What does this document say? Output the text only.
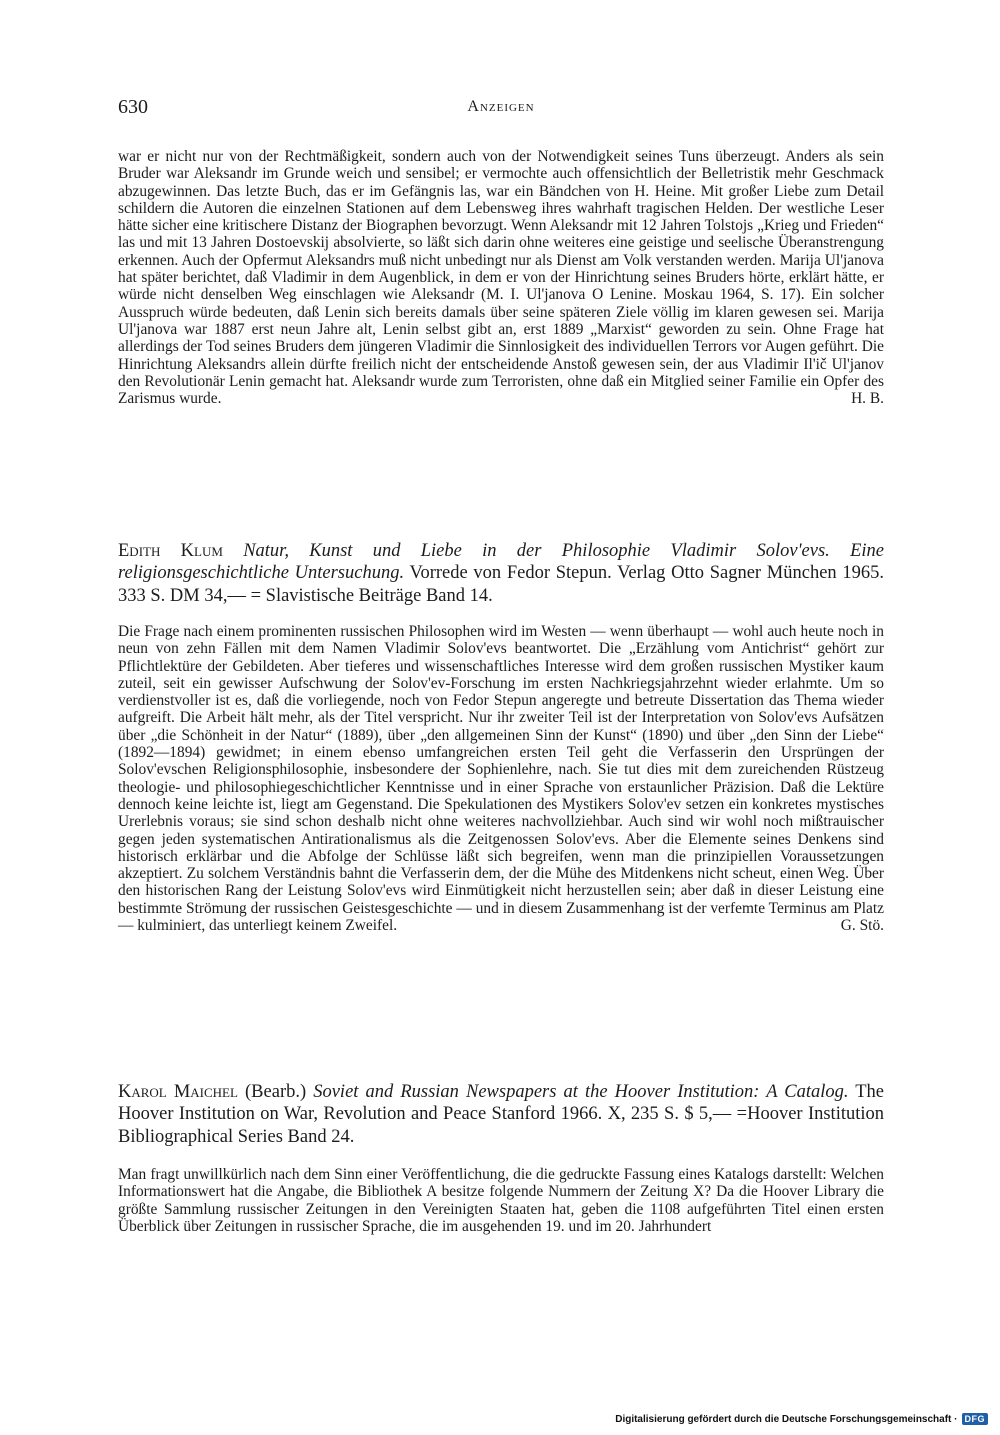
630	Anzeigen

war er nicht nur von der Rechtmäßigkeit, sondern auch von der Notwendigkeit seines Tuns überzeugt. Anders als sein Bruder war Aleksandr im Grunde weich und sensibel; er vermochte auch offensichtlich der Belletristik mehr Geschmack abzugewinnen. Das letzte Buch, das er im Gefängnis las, war ein Bändchen von H. Heine. Mit großer Liebe zum Detail schildern die Autoren die einzelnen Stationen auf dem Lebensweg ihres wahrhaft tragischen Helden. Der westliche Leser hätte sicher eine kritischere Distanz der Biographen bevorzugt. Wenn Aleksandr mit 12 Jahren Tolstojs „Krieg und Frieden“ las und mit 13 Jahren Dostoevskij absolvierte, so läßt sich darin ohne weiteres eine geistige und seelische Überanstrengung erkennen. Auch der Opfermut Aleksandrs muß nicht unbedingt nur als Dienst am Volk verstanden werden. Marija Ul'janova hat später berichtet, daß Vladimir in dem Augenblick, in dem er von der Hinrichtung seines Bruders hörte, erklärt hätte, er würde nicht denselben Weg einschlagen wie Aleksandr (M. I. Ul'janova O Lenine. Moskau 1964, S. 17). Ein solcher Ausspruch würde bedeuten, daß Lenin sich bereits damals über seine späteren Ziele völlig im klaren gewesen sei. Marija Ul'janova war 1887 erst neun Jahre alt, Lenin selbst gibt an, erst 1889 „Marxist“ geworden zu sein. Ohne Frage hat allerdings der Tod seines Bruders dem jüngeren Vladimir die Sinnlosigkeit des individuellen Terrors vor Augen geführt. Die Hinrichtung Aleksandrs allein dürfte freilich nicht der entscheidende Anstoß gewesen sein, der aus Vladimir Il'ič Ul'janov den Revolutionär Lenin gemacht hat. Aleksandr wurde zum Terroristen, ohne daß ein Mitglied seiner Familie ein Opfer des Zarismus wurde.	H. B.

Edith Klum Natur, Kunst und Liebe in der Philosophie Vladimir Solov'evs. Eine religionsgeschichtliche Untersuchung. Vorrede von Fedor Stepun. Verlag Otto Sagner München 1965. 333 S. DM 34,— = Slavistische Beiträge Band 14.

Die Frage nach einem prominenten russischen Philosophen wird im Westen — wenn überhaupt — wohl auch heute noch in neun von zehn Fällen mit dem Namen Vladimir Solov'evs beantwortet. Die „Erzählung vom Antichrist“ gehört zur Pflichtlektüre der Gebildeten. Aber tieferes und wissenschaftliches Interesse wird dem großen russischen Mystiker kaum zuteil, seit ein gewisser Aufschwung der Solov'ev-Forschung im ersten Nachkriegsjahrzehnt wieder erlahmte. Um so verdienstvoller ist es, daß die vorliegende, noch von Fedor Stepun angeregte und betreute Dissertation das Thema wieder aufgreift. Die Arbeit hält mehr, als der Titel verspricht. Nur ihr zweiter Teil ist der Interpretation von Solov'evs Aufsätzen über „die Schönheit in der Natur“ (1889), über „den allgemeinen Sinn der Kunst“ (1890) und über „den Sinn der Liebe“ (1892—1894) gewidmet; in einem ebenso umfangreichen ersten Teil geht die Verfasserin den Ursprüngen der Solov'evschen Religionsphilosophie, insbesondere der Sophienlehre, nach. Sie tut dies mit dem zureichenden Rüstzeug theologie- und philosophiegeschichtlicher Kenntnisse und in einer Sprache von erstaunlicher Präzision. Daß die Lektüre dennoch keine leichte ist, liegt am Gegenstand. Die Spekulationen des Mystikers Solov'ev setzen ein konkretes mystisches Urerlebnis voraus; sie sind schon deshalb nicht ohne weiteres nachvollziehbar. Auch sind wir wohl noch mißtrauischer gegen jeden systematischen Antirationalismus als die Zeitgenossen Solov'evs. Aber die Elemente seines Denkens sind historisch erklärbar und die Abfolge der Schlüsse läßt sich begreifen, wenn man die prinzipiellen Voraussetzungen akzeptiert. Zu solchem Verständnis bahnt die Verfasserin dem, der die Mühe des Mitdenkens nicht scheut, einen Weg. Über den historischen Rang der Leistung Solov'evs wird Einmütigkeit nicht herzustellen sein; aber daß in dieser Leistung eine bestimmte Strömung der russischen Geistesgeschichte — und in diesem Zusammenhang ist der verfemte Terminus am Platz — kulminiert, das unterliegt keinem Zweifel.	G. Stö.

Karol Maichel (Bearb.) Soviet and Russian Newspapers at the Hoover Institution: A Catalog. The Hoover Institution on War, Revolution and Peace Stanford 1966. X, 235 S. $ 5,— =Hoover Institution Bibliographical Series Band 24.

Man fragt unwillkürlich nach dem Sinn einer Veröffentlichung, die die gedruckte Fassung eines Katalogs darstellt: Welchen Informationswert hat die Angabe, die Bibliothek A besitze folgende Nummern der Zeitung X? Da die Hoover Library die größte Sammlung russischer Zeitungen in den Vereinigten Staaten hat, geben die 1108 aufgeführten Titel einen ersten Überblick über Zeitungen in russischer Sprache, die im ausgehenden 19. und im 20. Jahrhundert

Digitalisierung gefördert durch die Deutsche Forschungsgemeinschaft · DFG
